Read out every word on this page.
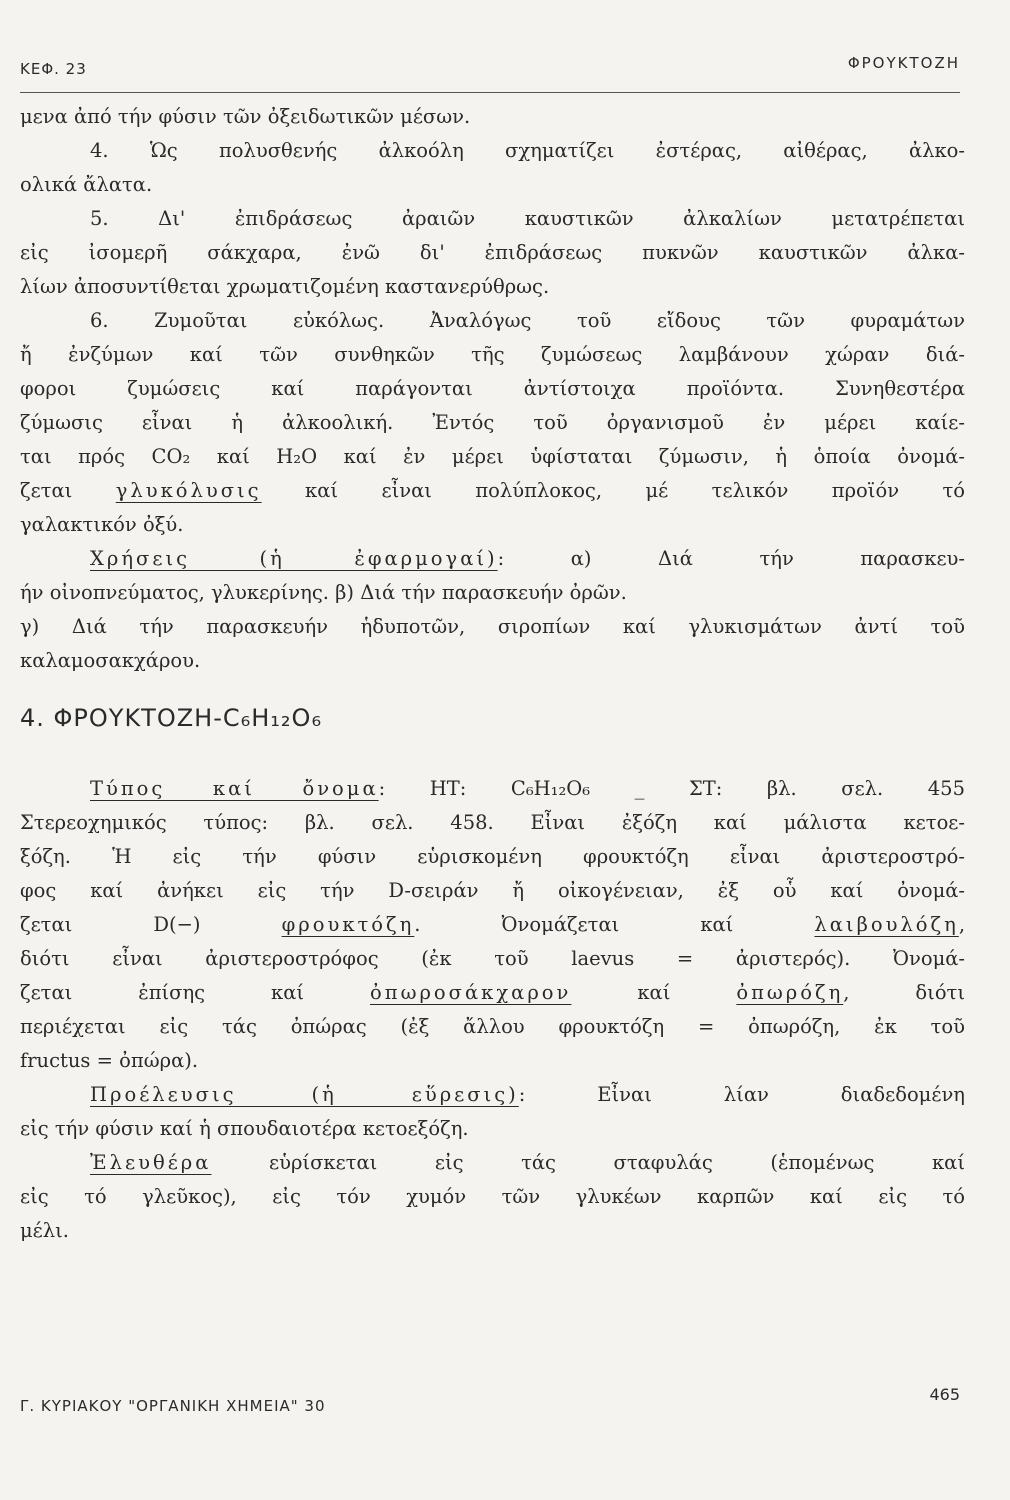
ΚΕΦ. 23	ΦΡΟΥΚΤΟΖΗ
μενα ἀπό τήν φύσιν τῶν ὀξειδωτικῶν μέσων.
4. Ὡς πολυσθενής ἀλκοόλη σχηματίζει ἐστέρας, αἰθέρας, ἀλκο-
ολικά ἄλατα.
5. Δι' ἐπιδράσεως ἀραιῶν καυστικῶν ἀλκαλίων μετατρέπεται
εἰς ἰσομερῆ σάκχαρα, ἐνῶ δι' ἐπιδράσεως πυκνῶν καυστικῶν ἀλκα-
λίων ἀποσυντίθεται χρωματιζομένη καστανερύθρως.
6. Ζυμοῦται εὐκόλως. Ἀναλόγως τοῦ εἴδους τῶν φυραμάτων
ἤ ἐνζύμων καί τῶν συνθηκῶν τῆς ζυμώσεως λαμβάνουν χώραν διά-
φοροι ζυμώσεις καί παράγονται ἀντίστοιχα προϊόντα. Συνηθεστέρα
ζύμωσις εἶναι ἡ ἀλκοολική. Ἐντός τοῦ ὀργανισμοῦ ἐν μέρει καίε-
ται πρός CO₂ καί H₂O καί ἐν μέρει ὑφίσταται ζύμωσιν, ἡ ὁποία ὀνομά-
ζεται γλυκόλυσις καί εἶναι πολύπλοκος, μέ τελικόν προϊόν τό
γαλακτικόν ὀξύ.
Χρήσεις (ἡ ἐφαρμογαί): α) Διά τήν παρασκευ-
ήν οἰνοπνεύματος, γλυκερίνης. β) Διά τήν παρασκευήν ὀρῶν.
γ) Διά τήν παρασκευήν ἡδυποτῶν, σιροπίων καί γλυκισμάτων ἀντί τοῦ
καλαμοσακχάρου.
4. ΦΡΟΥΚΤΟΖΗ-C₆H₁₂O₆
Τύπος καί ὄνομα: ΗΤ: C₆H₁₂O₆ _ ΣΤ: βλ. σελ. 455
Στερεοχημικός τύπος: βλ. σελ. 458. Εἶναι ἐξόζη καί μάλιστα κετοε-
ξόζη. Ἡ εἰς τήν φύσιν εὑρισκομένη φρουκτόζη εἶναι ἀριστεροστρό-
φος καί ἀνήκει εἰς τήν D-σειράν ἤ οἰκογένειαν, ἐξ οὗ καί ὀνομά-
ζεται D(−)	φρουκτόζη. Ὀνομάζεται καί	λαιβουλόζη,
διότι εἶναι ἀριστεροστρόφος (ἐκ τοῦ laevus = ἀριστερός). Ὀνομά-
ζεται ἐπίσης καί	ὀπωροσάκχαρον	καί	ὀπωρόζη, διότι
περιέχεται εἰς τάς ὀπώρας (ἐξ ἄλλου φρουκτόζη = ὀπωρόζη, ἐκ τοῦ
fructus = ὀπώρα).
Προέλευσις (ἡ εὕρεσις): Εἶναι λίαν διαδεδομένη
εἰς τήν φύσιν καί ἡ σπουδαιοτέρα κετοεξόζη.
Ἐλευθέρα	εὑρίσκεται εἰς τάς σταφυλάς (ἑπομένως καί
εἰς τό γλεῦκος), εἰς τόν χυμόν τῶν γλυκέων καρπῶν καί εἰς τό
μέλι.
Γ. ΚΥΡΙΑΚΟΥ "ΟΡΓΑΝΙΚΗ ΧΗΜΕΙΑ" 30
465
